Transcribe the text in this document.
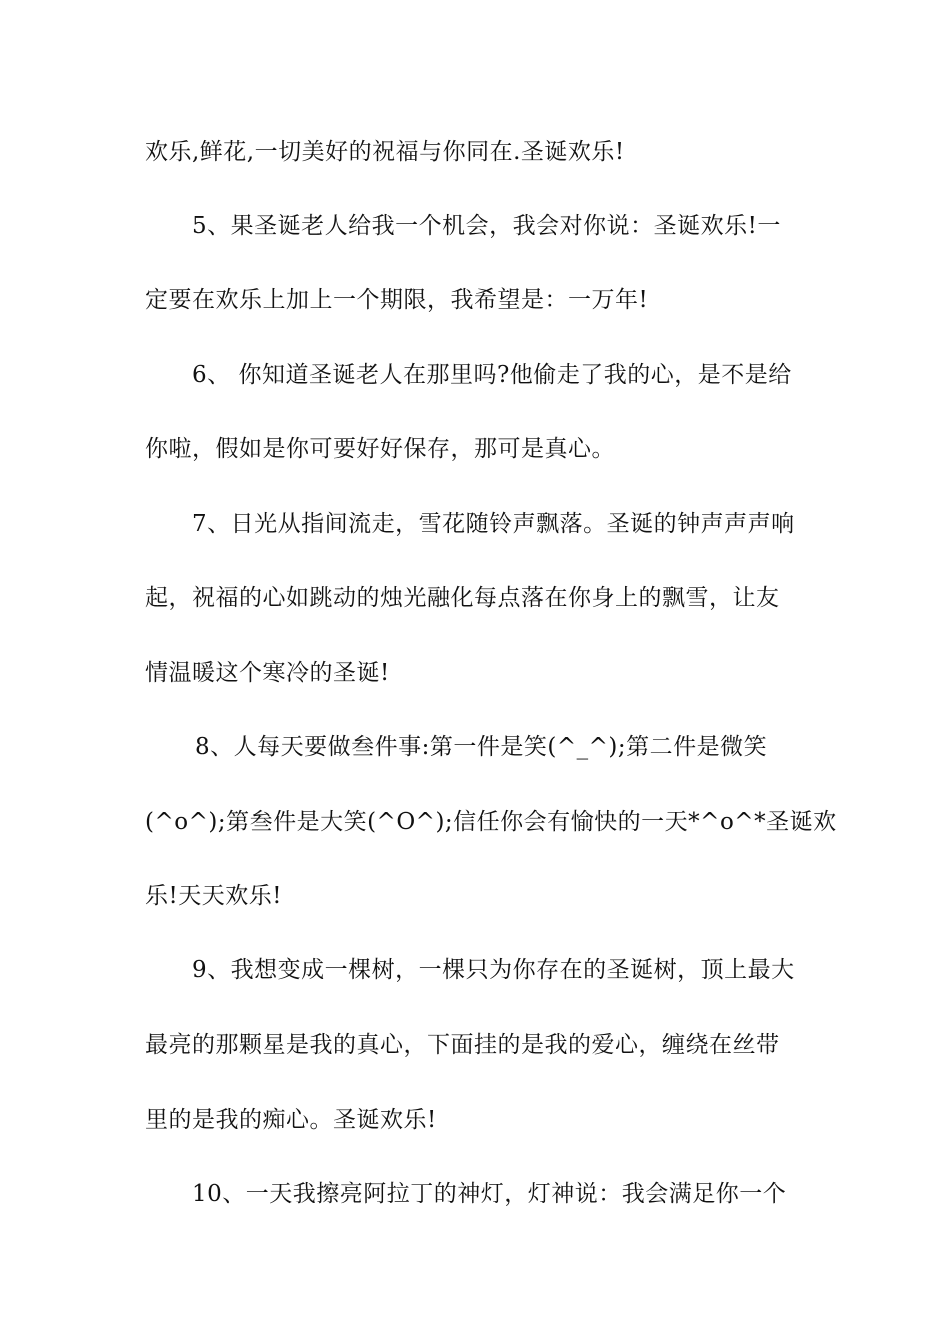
欢乐,鲜花,一切美好的祝福与你同在.圣诞欢乐!
5、果圣诞老人给我一个机会，我会对你说：圣诞欢乐!一
定要在欢乐上加上一个期限，我希望是：一万年!
6、 你知道圣诞老人在那里吗?他偷走了我的心，是不是给
你啦，假如是你可要好好保存，那可是真心。
7、日光从指间流走，雪花随铃声飘落。圣诞的钟声声声响
起，祝福的心如跳动的烛光融化每点落在你身上的飘雪，让友
情温暖这个寒冷的圣诞!
8、人每天要做叁件事:第一件是笑(^_^);第二件是微笑
(^o^);第叁件是大笑(^O^);信任你会有愉快的一天*^o^*圣诞欢
乐!天天欢乐!
9、我想变成一棵树，一棵只为你存在的圣诞树，顶上最大
最亮的那颗星是我的真心，下面挂的是我的爱心，缠绕在丝带
里的是我的痴心。圣诞欢乐!
10、一天我擦亮阿拉丁的神灯，灯神说：我会满足你一个
